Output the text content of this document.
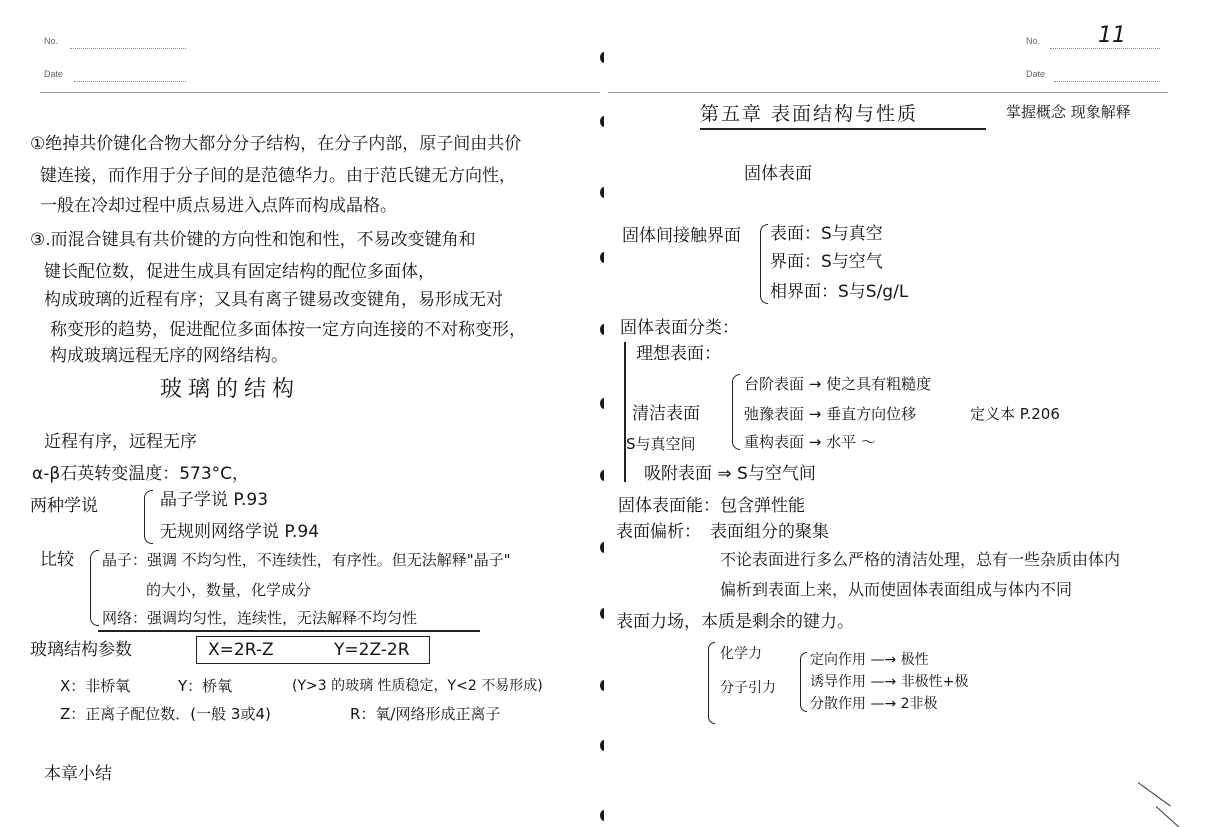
No.
Date
①绝掉共价键化合物大都分分子结构，在分子内部，原子间由共价
键连接，而作用于分子间的是范德华力。由于范氏键无方向性，
一般在冷却过程中质点易进入点阵而构成晶格。
③.而混合键具有共价键的方向性和饱和性，不易改变键角和
键长配位数，促进生成具有固定结构的配位多面体，
构成玻璃的近程有序；又具有离子键易改变键角，易形成无对
称变形的趋势，促进配位多面体按一定方向连接的不对称变形，
构成玻璃远程无序的网络结构。
玻璃的结构
近程有序，远程无序
α-β石英转变温度：573°C，
两种学说	晶子学说 P.93
无规则网络学说 P.94
比较 晶子：强调 不均匀性，不连续性，有序性。但无法解释"晶子"
的大小，数量，化学成分
网络：强调均匀性，连续性，无法解释不均匀性
玻璃结构参数	X=2R-Z	Y=2Z-2R
X：非桥氧	Y：桥氧	(Y>3 的玻璃 性质稳定，Y<2 不易形成)
Z：正离子配位数．(一般 3或4)	R：氧/网络形成正离子
本章小结
No.	11
Date
第五章 表面结构与性质	掌握概念 现象解释
固体表面
固体间接触界面 表面：S与真空
界面：S与空气
相界面：S与S/g/L
固体表面分类：
理想表面：
清洁表面
S与真空间
台阶表面 → 使之具有粗糙度
弛豫表面 → 垂直方向位移	定义本 P.206
重构表面 → 水平 ～
吸附表面 ⇒ S与空气间
固体表面能：包含弹性能
表面偏析： 表面组分的聚集
不论表面进行多么严格的清洁处理，总有一些杂质由体内
偏析到表面上来，从而使固体表面组成与体内不同
表面力场，本质是剩余的键力。
化学力
分子引力
定向作用 —→ 极性
诱导作用 —→ 非极性+极
分散作用 —→ 2非极
